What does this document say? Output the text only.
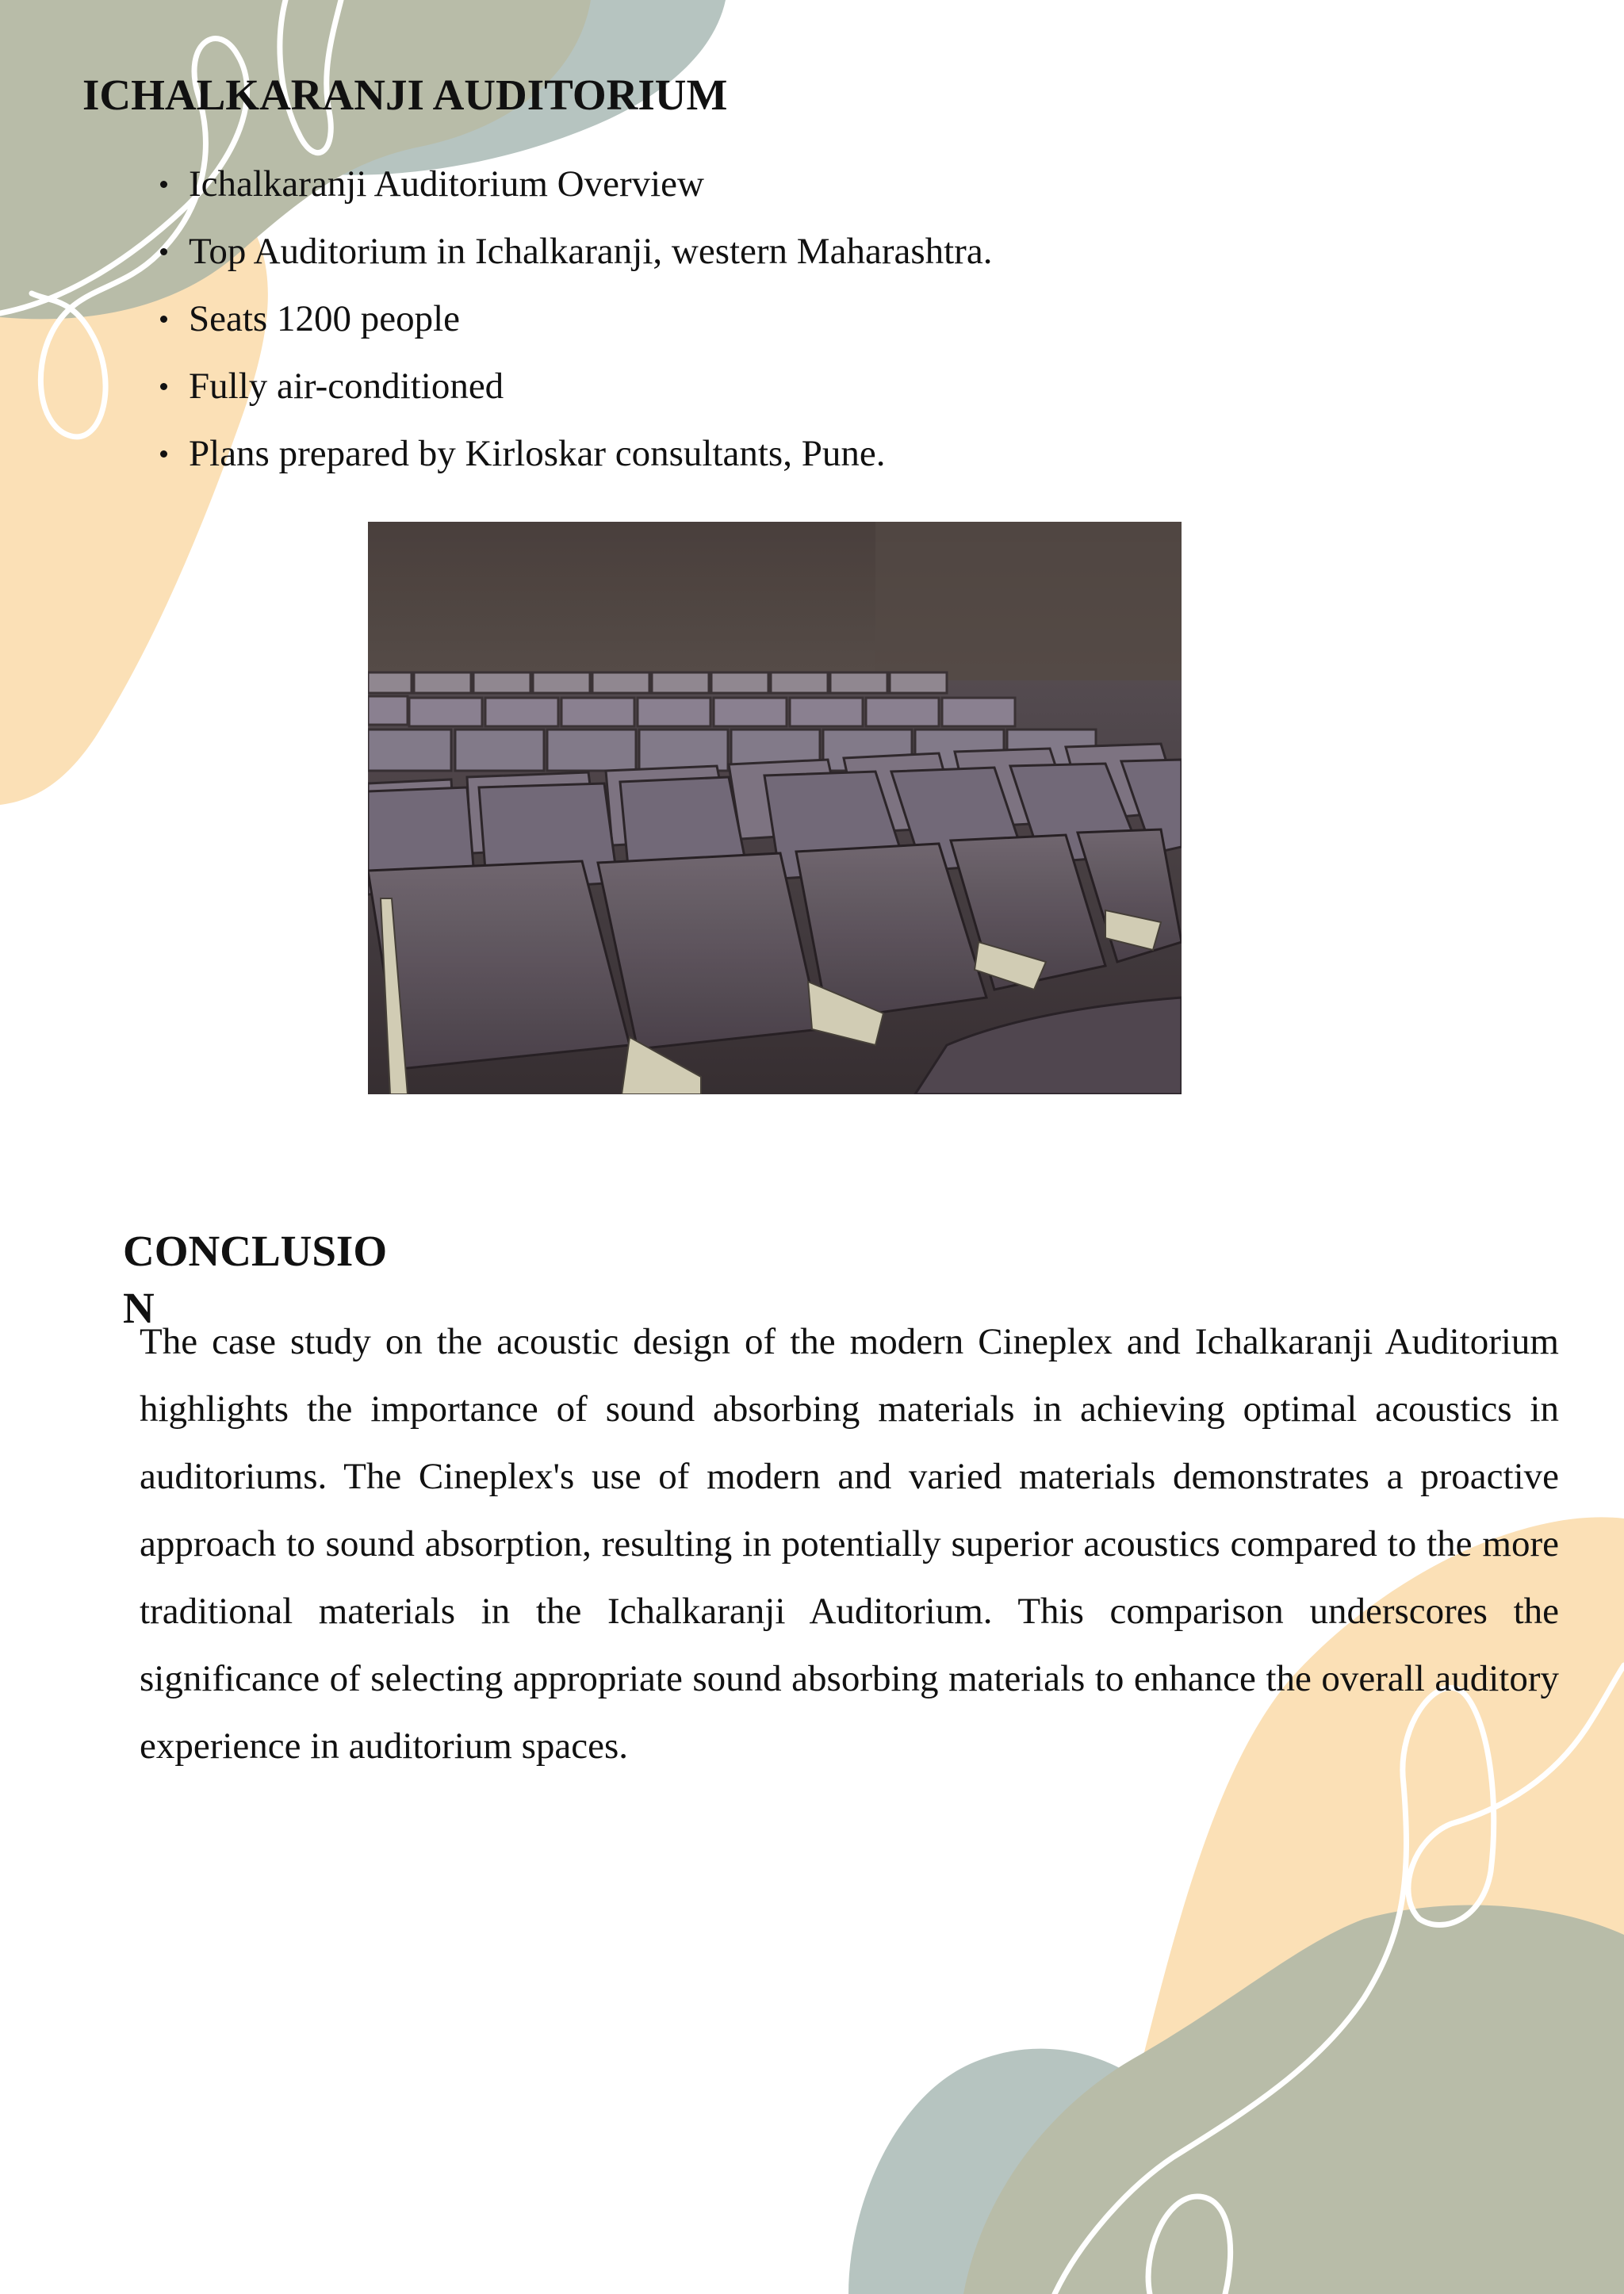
ICHALKARANJI AUDITORIUM
Ichalkaranji Auditorium Overview
Top Auditorium in Ichalkaranji, western Maharashtra.
Seats 1200 people
Fully air-conditioned
Plans prepared by Kirloskar consultants, Pune.
CONCLUSION

The case study on the acoustic design of the modern Cineplex and Ichalkaranji Auditorium highlights the importance of sound absorbing materials in achieving optimal acoustics in auditoriums. The Cineplex's use of modern and varied materials demonstrates a proactive approach to sound absorption, resulting in potentially superior acoustics compared to the more traditional materials in the Ichalkaranji Auditorium. This comparison underscores the significance of selecting appropriate sound absorbing materials to enhance the overall auditory experience in auditorium spaces.
